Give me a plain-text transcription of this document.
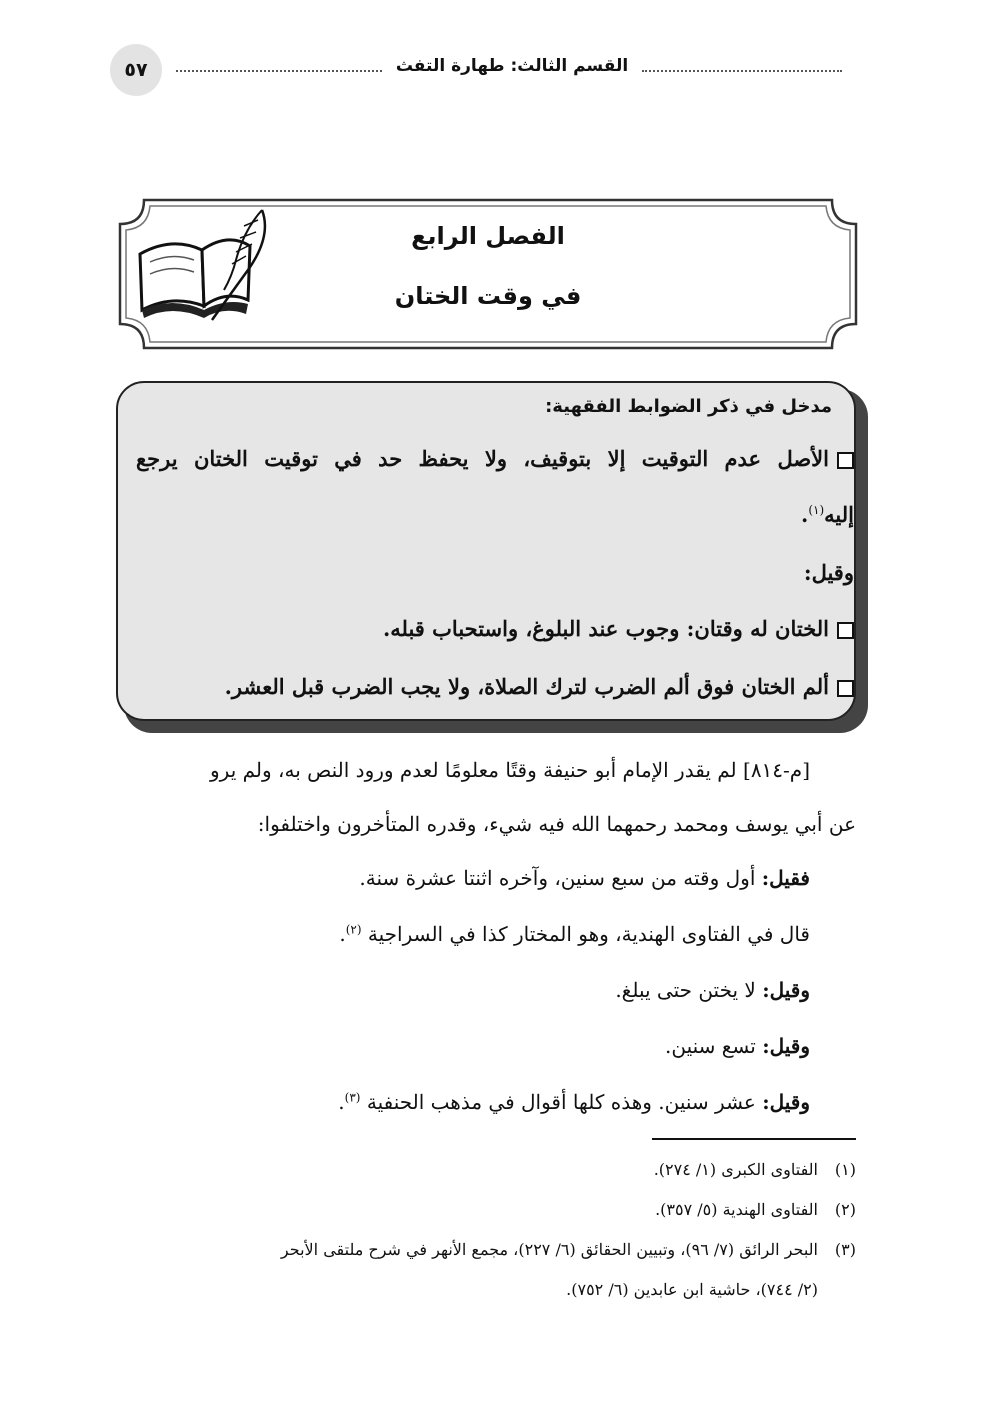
٥٧	القسم الثالث: طهارة التفث
الفصل الرابع
في وقت الختان
مدخل في ذكر الضوابط الفقهية:
الأصل عدم التوقيت إلا بتوقيف، ولا يحفظ حد في توقيت الختان يرجع
إليه$^{(١)}$.
وقيل:
الختان له وقتان: وجوب عند البلوغ، واستحباب قبله.
ألم الختان فوق ألم الضرب لترك الصلاة، ولا يجب الضرب قبل العشر.
[م-٨١٤] لم يقدر الإمام أبو حنيفة وقتًا معلومًا لعدم ورود النص به، ولم يرو
عن أبي يوسف ومحمد رحمهما الله فيه شيء، وقدره المتأخرون واختلفوا:
فقيل: أول وقته من سبع سنين، وآخره اثنتا عشرة سنة.
قال في الفتاوى الهندية، وهو المختار كذا في السراجية $^{(٢)}$.
وقيل: لا يختن حتى يبلغ.
وقيل: تسع سنين.
وقيل: عشر سنين. وهذه كلها أقوال في مذهب الحنفية $^{(٣)}$.
(١)الفتاوى الكبرى (١/ ٢٧٤).
(٢)الفتاوى الهندية (٥/ ٣٥٧).
(٣)البحر الرائق (٧/ ٩٦)، وتبيين الحقائق (٦/ ٢٢٧)، مجمع الأنهر في شرح ملتقى الأبحر
(٢/ ٧٤٤)، حاشية ابن عابدين (٦/ ٧٥٢).
